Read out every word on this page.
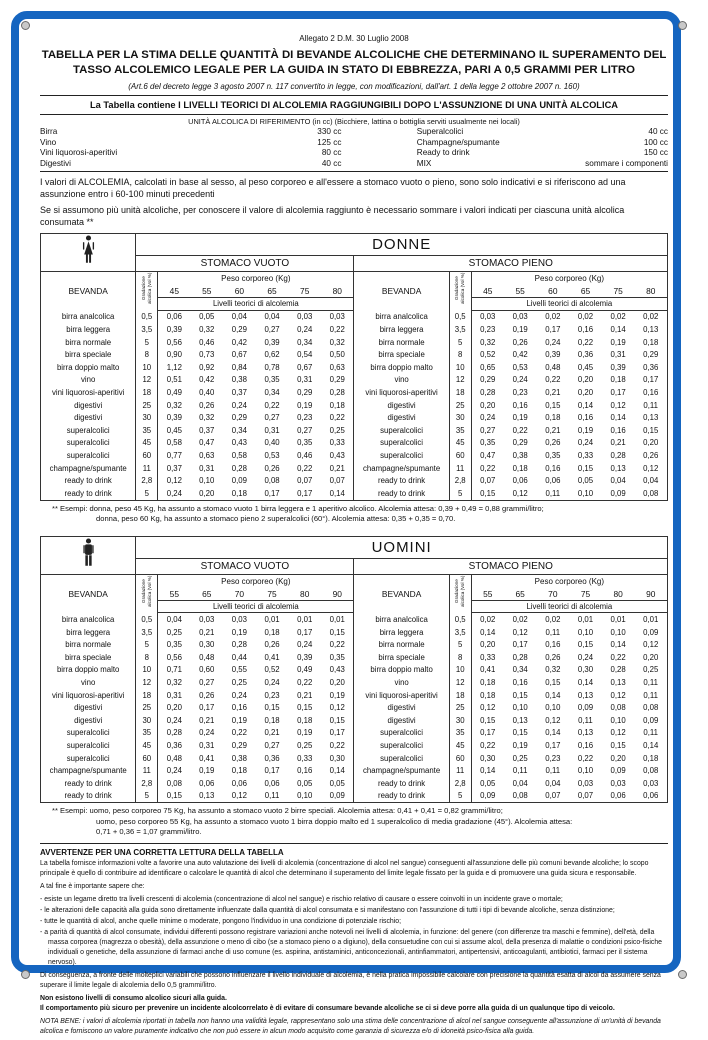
Allegato 2 D.M. 30 Luglio 2008
TABELLA PER LA STIMA DELLE QUANTITÀ DI BEVANDE ALCOLICHE CHE DETERMINANO IL SUPERAMENTO DEL TASSO ALCOLEMICO LEGALE PER LA GUIDA IN STATO DI EBBREZZA, PARI A 0,5 GRAMMI PER LITRO
(Art.6 del decreto legge 3 agosto 2007 n. 117 convertito in legge, con modificazioni, dall'art. 1 della legge 2 ottobre 2007 n. 160)
La Tabella contiene I LIVELLI TEORICI DI ALCOLEMIA RAGGIUNGIBILI DOPO L'ASSUNZIONE DI UNA UNITÀ ALCOLICA
UNITÀ ALCOLICA DI RIFERIMENTO (in cc) (Bicchiere, lattina o bottiglia serviti usualmente nei locali)
Birra	330 cc		Superalcolici	40 cc
Vino	125 cc		Champagne/spumante	100 cc
Vini liquorosi-aperitivi	80 cc		Ready to drink	150 cc
Digestivi	40 cc		MIX	sommare i componenti
I valori di ALCOLEMIA, calcolati in base al sesso, al peso corporeo e all'essere a stomaco vuoto o pieno, sono solo indicativi e si riferiscono ad una assunzione entro i 60-100 minuti precedenti
Se si assumono più unità alcoliche, per conoscere il valore di alcolemia raggiunto è necessario sommare i valori indicati per ciascuna unità alcolica consumata **
	DONNE														
	STOMACO VUOTO							STOMACO PIENO							
BEVANDA	Gradazione alcolica (Vol %)	Peso corporeo (Kg)						BEVANDA	Gradazione alcolica (Vol %)	Peso corporeo (Kg)					
		45	55	60	65	75	80			45	55	60	65	75	80
		Livelli teorici di alcolemia								Livelli teorici di alcolemia					
birra analcolica	0,5	0,06	0,05	0,04	0,04	0,03	0,03	birra analcolica	0,5	0,03	0,03	0,02	0,02	0,02	0,02
birra leggera	3,5	0,39	0,32	0,29	0,27	0,24	0,22	birra leggera	3,5	0,23	0,19	0,17	0,16	0,14	0,13
birra normale	5	0,56	0,46	0,42	0,39	0,34	0,32	birra normale	5	0,32	0,26	0,24	0,22	0,19	0,18
birra speciale	8	0,90	0,73	0,67	0,62	0,54	0,50	birra speciale	8	0,52	0,42	0,39	0,36	0,31	0,29
birra doppio malto	10	1,12	0,92	0,84	0,78	0,67	0,63	birra doppio malto	10	0,65	0,53	0,48	0,45	0,39	0,36
vino	12	0,51	0,42	0,38	0,35	0,31	0,29	vino	12	0,29	0,24	0,22	0,20	0,18	0,17
vini liquorosi-aperitivi	18	0,49	0,40	0,37	0,34	0,29	0,28	vini liquorosi-aperitivi	18	0,28	0,23	0,21	0,20	0,17	0,16
digestivi	25	0,32	0,26	0,24	0,22	0,19	0,18	digestivi	25	0,20	0,16	0,15	0,14	0,12	0,11
digestivi	30	0,39	0,32	0,29	0,27	0,23	0,22	digestivi	30	0,24	0,19	0,18	0,16	0,14	0,13
superalcolici	35	0,45	0,37	0,34	0,31	0,27	0,25	superalcolici	35	0,27	0,22	0,21	0,19	0,16	0,15
superalcolici	45	0,58	0,47	0,43	0,40	0,35	0,33	superalcolici	45	0,35	0,29	0,26	0,24	0,21	0,20
superalcolici	60	0,77	0,63	0,58	0,53	0,46	0,43	superalcolici	60	0,47	0,38	0,35	0,33	0,28	0,26
champagne/spumante	11	0,37	0,31	0,28	0,26	0,22	0,21	champagne/spumante	11	0,22	0,18	0,16	0,15	0,13	0,12
ready to drink	2,8	0,12	0,10	0,09	0,08	0,07	0,07	ready to drink	2,8	0,07	0,06	0,06	0,05	0,04	0,04
ready to drink	5	0,24	0,20	0,18	0,17	0,17	0,14	ready to drink	5	0,15	0,12	0,11	0,10	0,09	0,08
** Esempi: donna, peso 45 Kg, ha assunto a stomaco vuoto 1 birra leggera e 1 aperitivo alcolico. Alcolemia attesa: 0,39 + 0,49 = 0,88 grammi/litro;
donna, peso 60 Kg, ha assunto a stomaco pieno 2 superalcolici (60°). Alcolemia attesa: 0,35 + 0,35 = 0,70.
	UOMINI														
	STOMACO VUOTO							STOMACO PIENO							
BEVANDA	Gradazione alcolica (Vol %)	Peso corporeo (Kg)						BEVANDA	Gradazione alcolica (Vol %)	Peso corporeo (Kg)					
		55	65	70	75	80	90			55	65	70	75	80	90
		Livelli teorici di alcolemia								Livelli teorici di alcolemia					
birra analcolica	0,5	0,04	0,03	0,03	0,01	0,01	0,01	birra analcolica	0,5	0,02	0,02	0,02	0,01	0,01	0,01
birra leggera	3,5	0,25	0,21	0,19	0,18	0,17	0,15	birra leggera	3,5	0,14	0,12	0,11	0,10	0,10	0,09
birra normale	5	0,35	0,30	0,28	0,26	0,24	0,22	birra normale	5	0,20	0,17	0,16	0,15	0,14	0,12
birra speciale	8	0,56	0,48	0,44	0,41	0,39	0,35	birra speciale	8	0,33	0,28	0,26	0,24	0,22	0,20
birra doppio malto	10	0,71	0,60	0,55	0,52	0,49	0,43	birra doppio malto	10	0,41	0,34	0,32	0,30	0,28	0,25
vino	12	0,32	0,27	0,25	0,24	0,22	0,20	vino	12	0,18	0,16	0,15	0,14	0,13	0,11
vini liquorosi-aperitivi	18	0,31	0,26	0,24	0,23	0,21	0,19	vini liquorosi-aperitivi	18	0,18	0,15	0,14	0,13	0,12	0,11
digestivi	25	0,20	0,17	0,16	0,15	0,15	0,12	digestivi	25	0,12	0,10	0,10	0,09	0,08	0,08
digestivi	30	0,24	0,21	0,19	0,18	0,18	0,15	digestivi	30	0,15	0,13	0,12	0,11	0,10	0,09
superalcolici	35	0,28	0,24	0,22	0,21	0,19	0,17	superalcolici	35	0,17	0,15	0,14	0,13	0,12	0,11
superalcolici	45	0,36	0,31	0,29	0,27	0,25	0,22	superalcolici	45	0,22	0,19	0,17	0,16	0,15	0,14
superalcolici	60	0,48	0,41	0,38	0,36	0,33	0,30	superalcolici	60	0,30	0,25	0,23	0,22	0,20	0,18
champagne/spumante	11	0,24	0,19	0,18	0,17	0,16	0,14	champagne/spumante	11	0,14	0,11	0,11	0,10	0,09	0,08
ready to drink	2,8	0,08	0,06	0,06	0,06	0,05	0,05	ready to drink	2,8	0,05	0,04	0,04	0,03	0,03	0,03
ready to drink	5	0,15	0,13	0,12	0,11	0,10	0,09	ready to drink	5	0,09	0,08	0,07	0,07	0,06	0,06
** Esempi: uomo, peso corporeo 75 Kg, ha assunto a stomaco vuoto 2 birre speciali. Alcolemia attesa: 0,41 + 0,41 = 0,82 grammi/litro;
uomo, peso corporeo 55 Kg, ha assunto a stomaco vuoto 1 birra doppio malto ed 1 superalcolico di media gradazione (45°). Alcolemia attesa:
0,71 + 0,36 = 1,07 grammi/litro.
AVVERTENZE PER UNA CORRETTA LETTURA DELLA TABELLA

La tabella fornisce informazioni volte a favorire una auto valutazione dei livelli di alcolemia (concentrazione di alcol nel sangue) conseguenti all'assunzione delle più comuni bevande alcoliche; lo scopo principale è quello di contribuire ad identificare o calcolare le quantità di alcol che determinano il superamento del limite legale fissato per la guida e di promuovere una guida sicura e responsabile.

A tal fine è importante sapere che:

- esiste un legame diretto tra livelli crescenti di alcolemia (concentrazione di alcol nel sangue) e rischio relativo di causare o essere coinvolti in un incidente grave o mortale;
- le alterazioni delle capacità alla guida sono direttamente influenzate dalla quantità di alcol consumata e si manifestano con l'assunzione di tutti i tipi di bevande alcoliche, senza distinzione;
- tutte le quantità di alcol, anche quelle minime o moderate, pongono l'individuo in una condizione di potenziale rischio;
- a parità di quantità di alcol consumate, individui differenti possono registrare variazioni anche notevoli nei livelli di alcolemia, in funzione: del genere (con differenze tra maschi e femmine), dell'età, della massa corporea (magrezza o obesità), della assunzione o meno di cibo (se a stomaco pieno o a digiuno), della consuetudine con cui si assume alcol, della presenza di malattie o condizioni psico-fisiche individuali o genetiche, della assunzione di farmaci anche di uso comune (es. aspirina, antistaminici, anticoncezionali, antinfiammatori, antipertensivi, anticoagulanti, antibiotici, farmaci per il sistema nervoso).

Di conseguenza, a fronte delle molteplici variabili che possono influenzare il livello individuale di alcolemia, è nella pratica impossibile calcolare con precisione la quantità esatta di alcol da assumere senza superare il limite legale di alcolemia dello 0,5 grammi/litro.

Non esistono livelli di consumo alcolico sicuri alla guida.

Il comportamento più sicuro per prevenire un incidente alcolcorrelato è di evitare di consumare bevande alcoliche se ci si deve porre alla guida di un qualunque tipo di veicolo.

NOTA BENE: i valori di alcolemia riportati in tabella non hanno una validità legale, rappresentano solo una stima delle concentrazione di alcol nel sangue conseguente all'assunzione di un'unità di bevanda alcolica e forniscono un valore puramente indicativo che non può essere in alcun modo acquisito come garanzia di sicurezza e/o di idoneità psico-fisica alla guida.
